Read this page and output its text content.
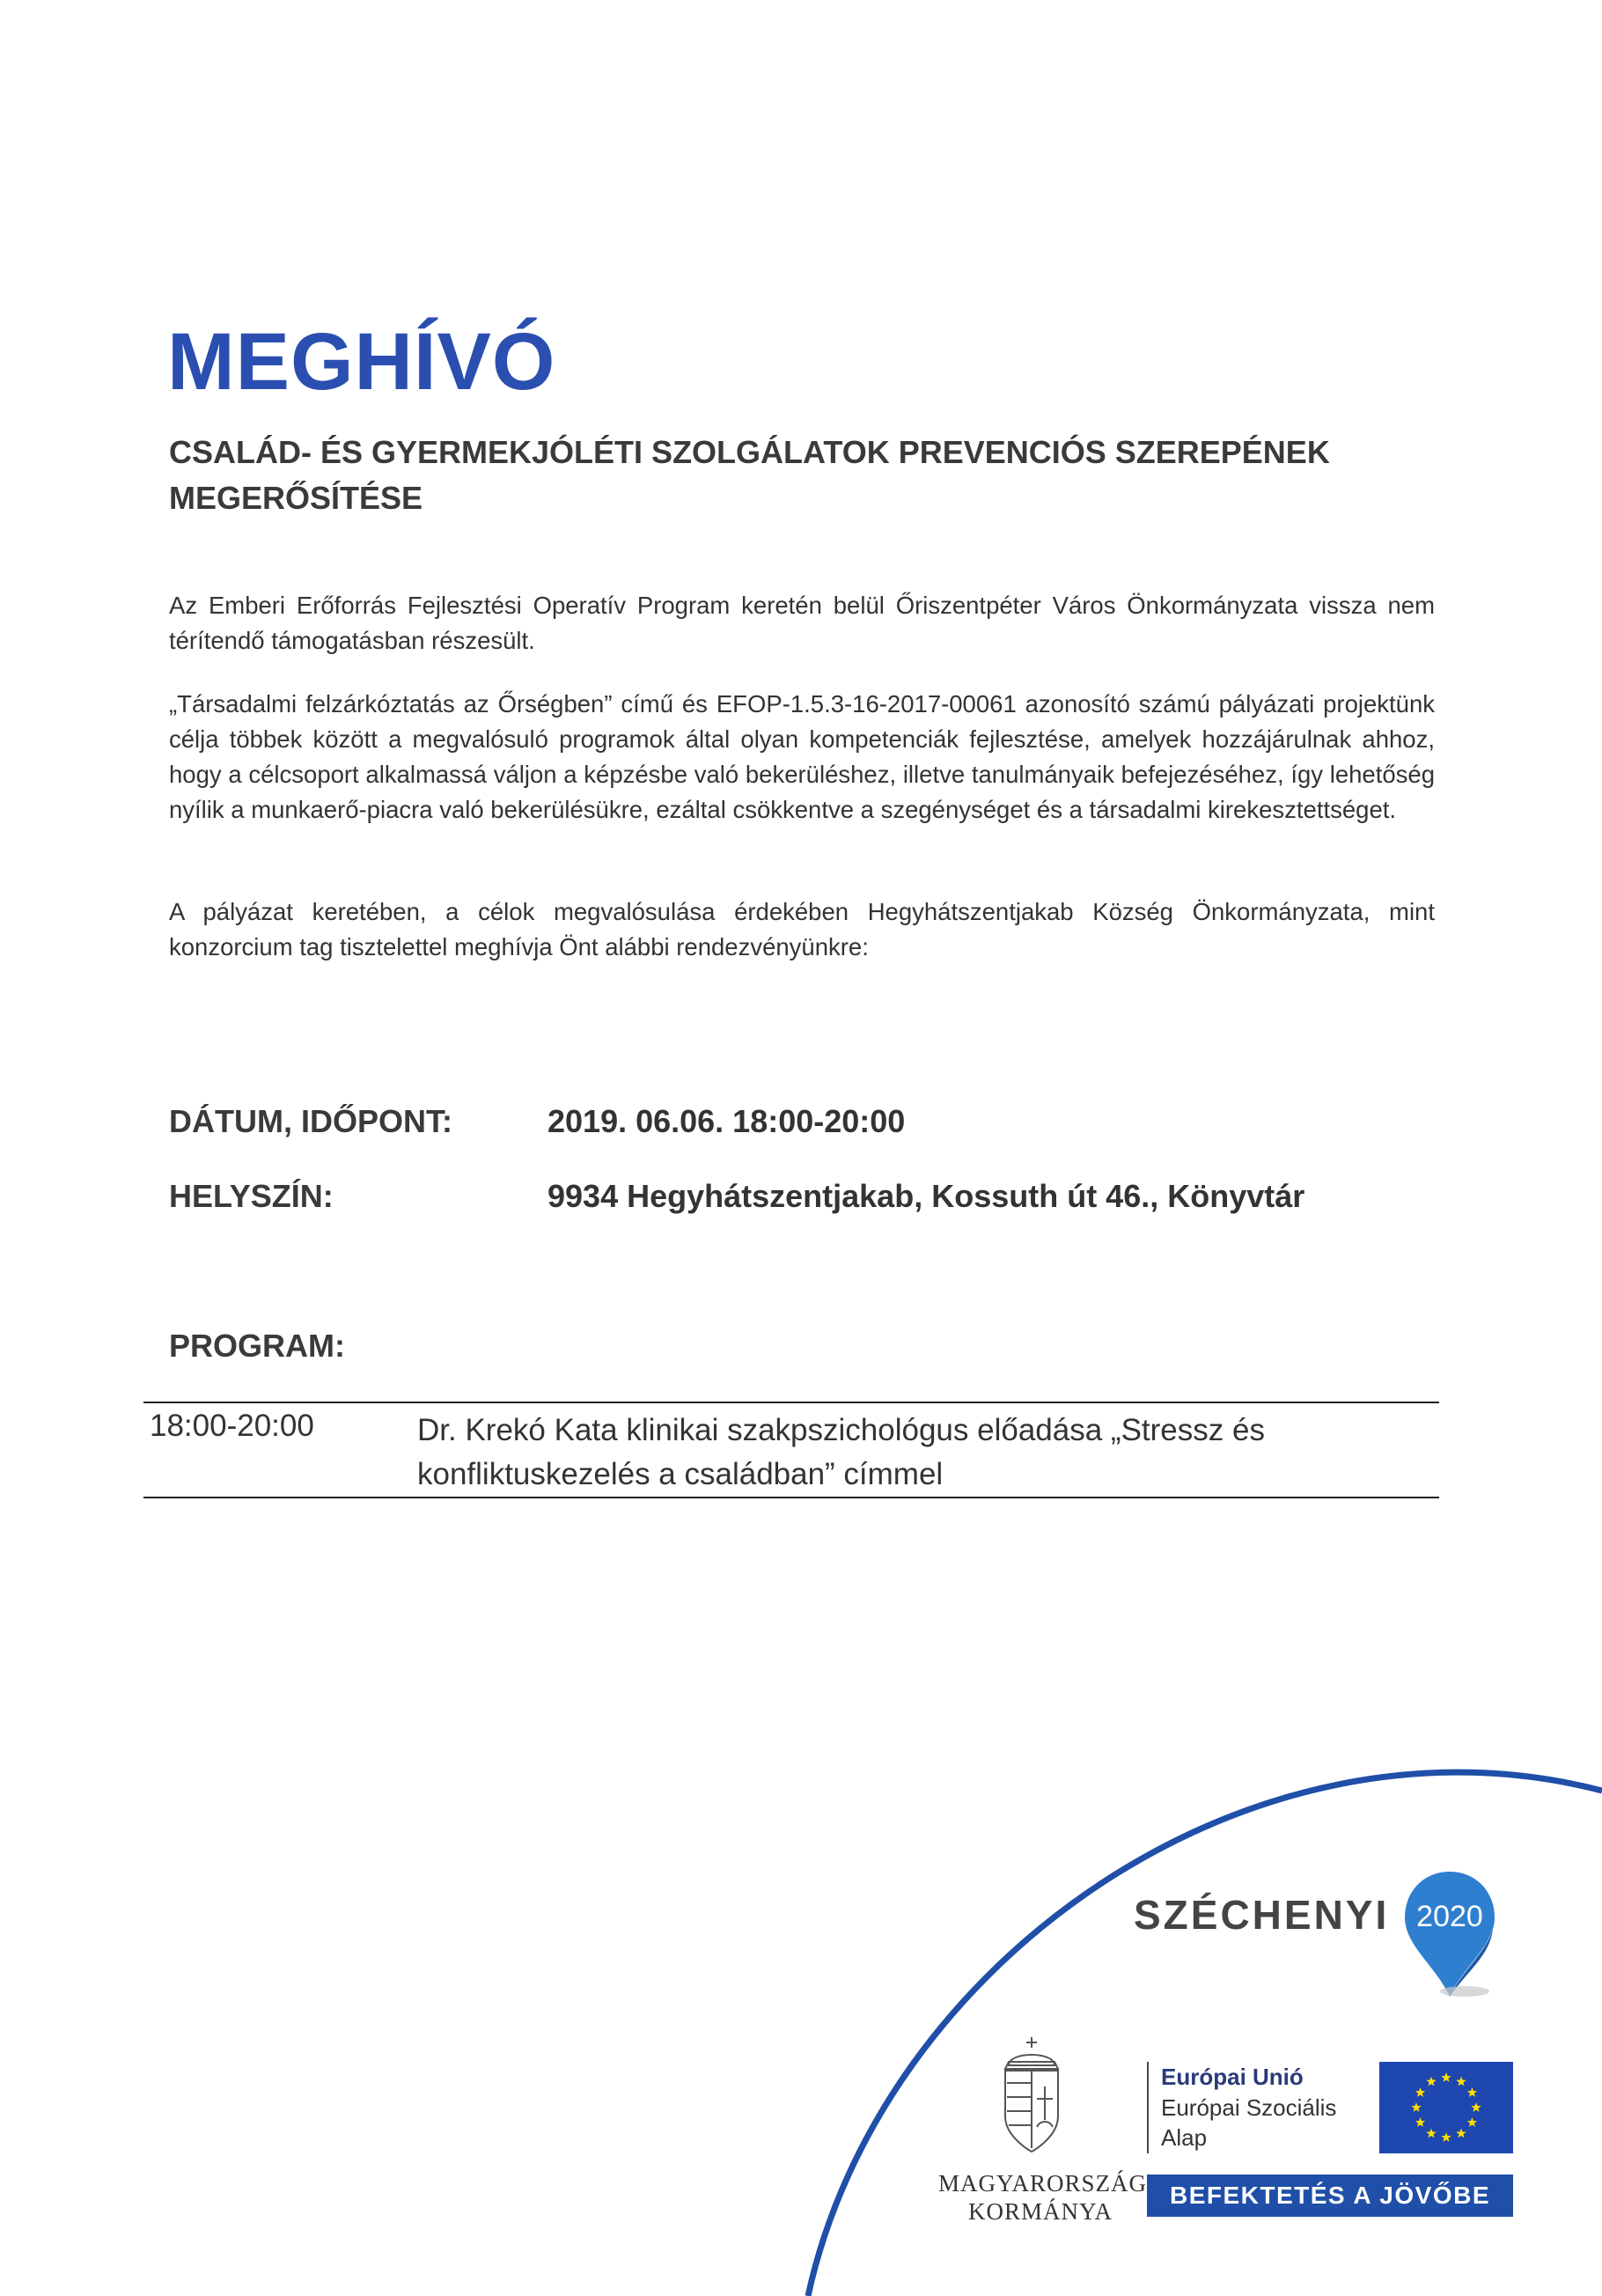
MEGHÍVÓ
CSALÁD- ÉS GYERMEKJÓLÉTI SZOLGÁLATOK PREVENCIÓS SZEREPÉNEK MEGERŐSÍTÉSE

Az Emberi Erőforrás Fejlesztési Operatív Program keretén belül Őriszentpéter Város Önkormányzata vissza nem térítendő támogatásban részesült.

„Társadalmi felzárkóztatás az Őrségben” című és EFOP-1.5.3-16-2017-00061 azonosító számú pályázati projektünk célja többek között a megvalósuló programok által olyan kompetenciák fejlesztése, amelyek hozzájárulnak ahhoz, hogy a célcsoport alkalmassá váljon a képzésbe való bekerüléshez, illetve tanulmányaik befejezéséhez, így lehetőség nyílik a munkaerő-piacra való bekerülésükre, ezáltal csökkentve a szegénységet és a társadalmi kirekesztettséget.

A pályázat keretében, a célok megvalósulása érdekében Hegyhátszentjakab Község Önkormányzata, mint konzorcium tag tisztelettel meghívja Önt alábbi rendezvényünkre:

DÁTUM, IDŐPONT:	2019. 06.06. 18:00-20:00
HELYSZÍN:	9934 Hegyhátszentjakab, Kossuth út 46., Könyvtár
PROGRAM:
18:00-20:00	Dr. Krekó Kata klinikai szakpszichológus előadása „Stressz és konfliktuskezelés a családban” címmel
SZÉCHENYI 2020
MAGYARORSZÁG
KORMÁNYA
Európai Unió
Európai Szociális
Alap
BEFEKTETÉS A JÖVŐBE
